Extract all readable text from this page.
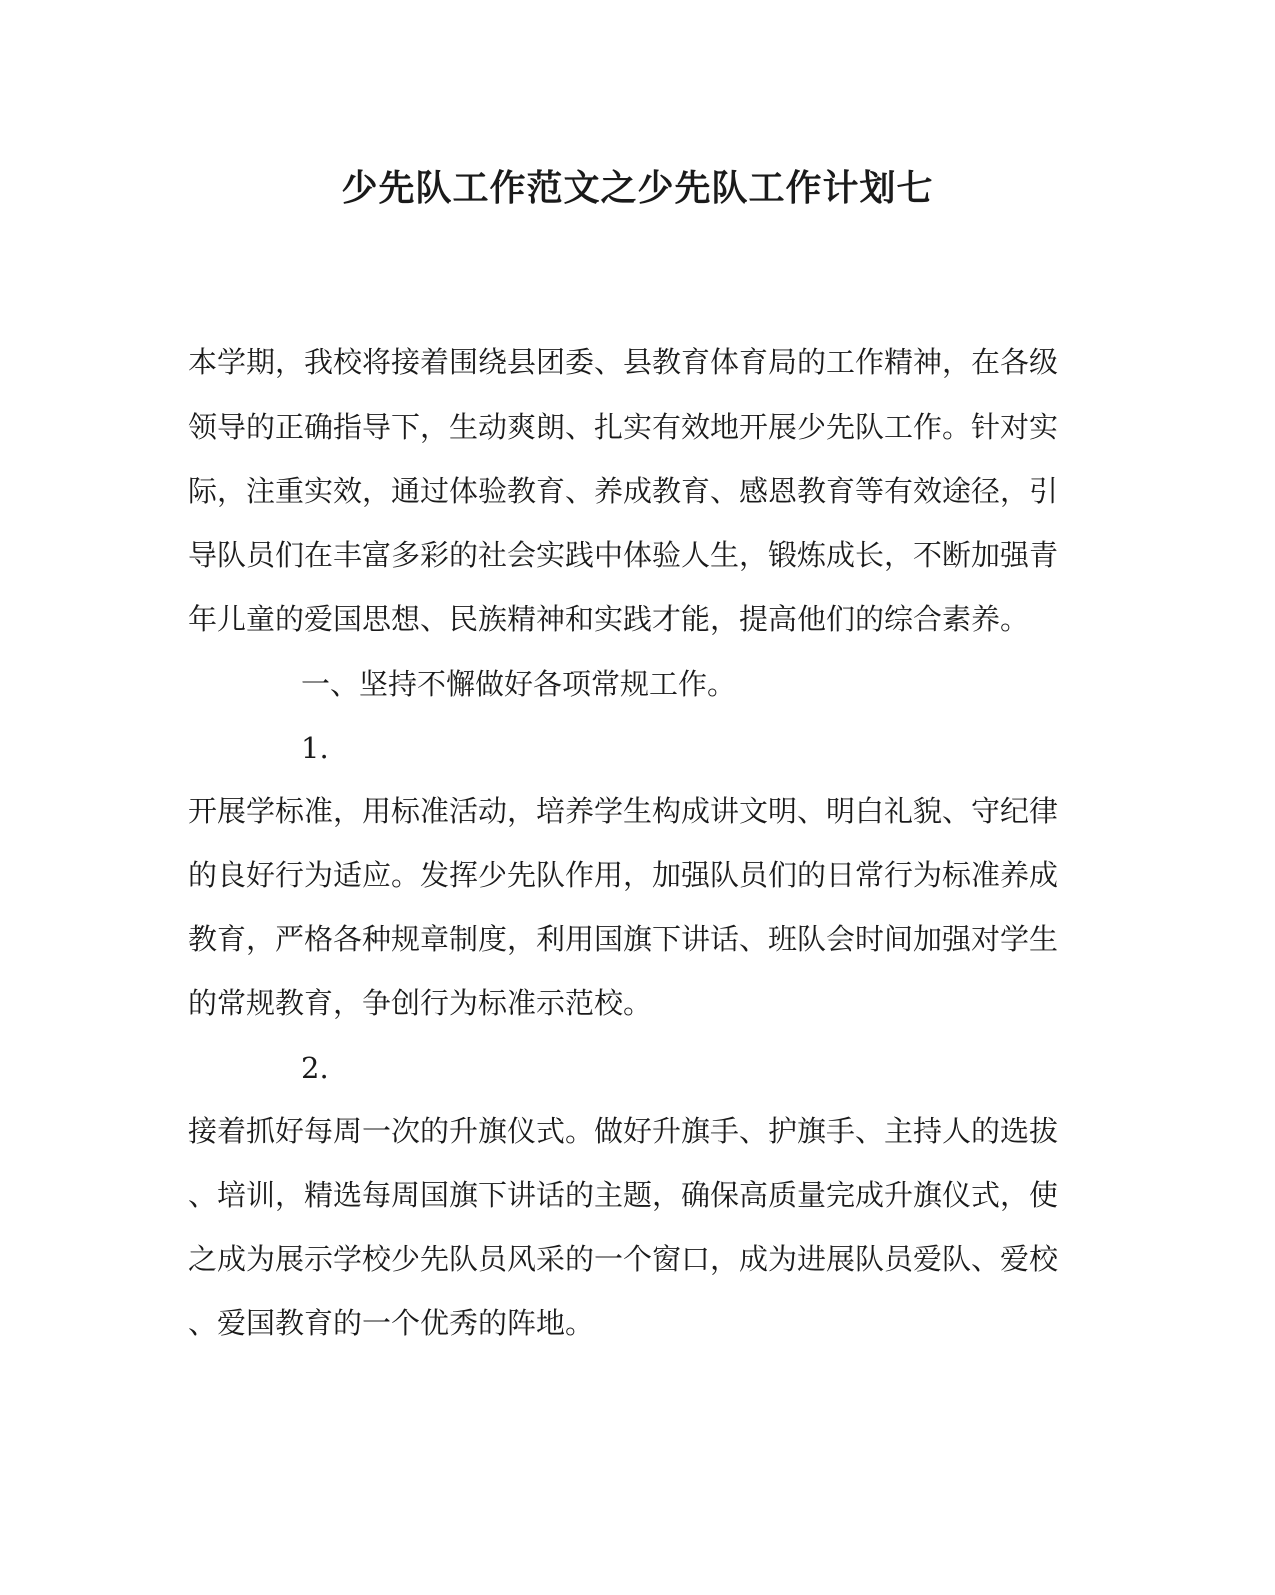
少先队工作范文之少先队工作计划七

本学期，我校将接着围绕县团委、县教育体育局的工作精神，在各级

领导的正确指导下，生动爽朗、扎实有效地开展少先队工作。针对实

际，注重实效，通过体验教育、养成教育、感恩教育等有效途径，引

导队员们在丰富多彩的社会实践中体验人生，锻炼成长，不断加强青

年儿童的爱国思想、民族精神和实践才能，提高他们的综合素养。

一、坚持不懈做好各项常规工作。

1.

开展学标准，用标准活动，培养学生构成讲文明、明白礼貌、守纪律

的良好行为适应。发挥少先队作用，加强队员们的日常行为标准养成

教育，严格各种规章制度，利用国旗下讲话、班队会时间加强对学生

的常规教育，争创行为标准示范校。

2.

接着抓好每周一次的升旗仪式。做好升旗手、护旗手、主持人的选拔

、培训，精选每周国旗下讲话的主题，确保高质量完成升旗仪式，使

之成为展示学校少先队员风采的一个窗口，成为进展队员爱队、爱校

、爱国教育的一个优秀的阵地。
